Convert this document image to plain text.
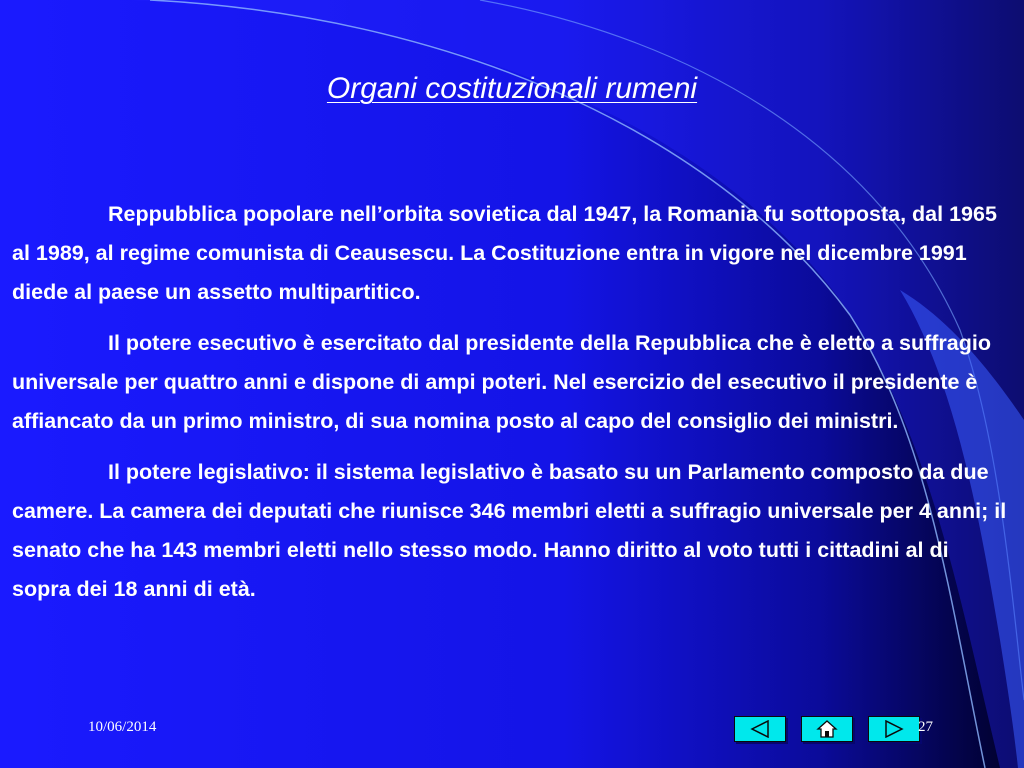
Organi costituzionali rumeni

Reppubblica popolare nell’orbita sovietica dal 1947, la Romania fu sottoposta, dal 1965 al 1989, al regime comunista di Ceausescu. La Costituzione entra in vigore nel dicembre 1991 diede al paese un assetto multipartitico.

Il potere esecutivo è esercitato dal presidente della Repubblica che è eletto a suffragio universale per quattro anni e dispone di ampi poteri. Nel esercizio del esecutivo il presidente è affiancato da un primo ministro, di sua nomina posto al capo del consiglio dei ministri.

Il potere legislativo: il sistema legislativo è basato su un Parlamento composto da due camere. La camera dei deputati che riunisce 346 membri eletti a suffragio universale per 4 anni; il senato che ha 143 membri eletti nello stesso modo. Hanno diritto al voto tutti i cittadini al di sopra dei 18 anni di età.

10/06/2014	27
